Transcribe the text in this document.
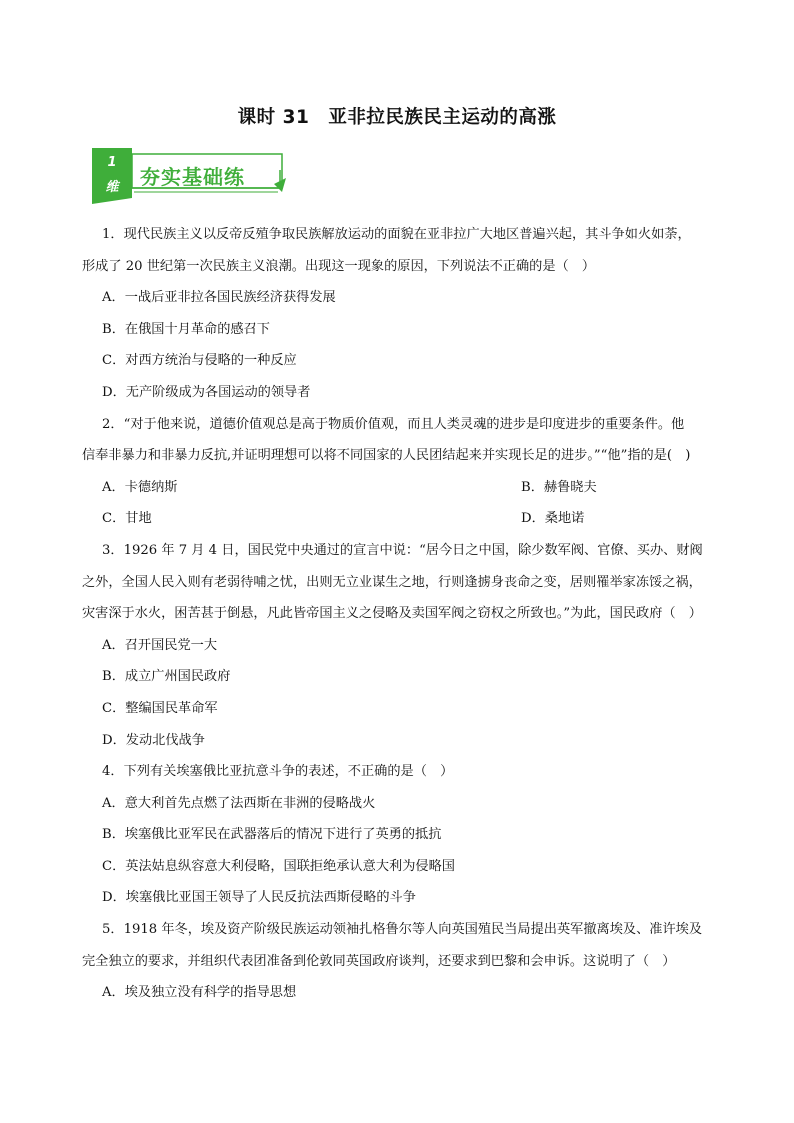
课时 31　亚非拉民族民主运动的高涨
1
维	夯实基础练
1．现代民族主义以反帝反殖争取民族解放运动的面貌在亚非拉广大地区普遍兴起，其斗争如火如荼，
形成了 20 世纪第一次民族主义浪潮。出现这一现象的原因，下列说法不正确的是（　）
A．一战后亚非拉各国民族经济获得发展
B．在俄国十月革命的感召下
C．对西方统治与侵略的一种反应
D．无产阶级成为各国运动的领导者
2．“对于他来说，道德价值观总是高于物质价值观，而且人类灵魂的进步是印度进步的重要条件。他
信奉非暴力和非暴力反抗,并证明理想可以将不同国家的人民团结起来并实现长足的进步。”“他”指的是(　)
A．卡德纳斯	B．赫鲁晓夫
C．甘地	D．桑地诺
3．1926 年 7 月 4 日，国民党中央通过的宣言中说：“居今日之中国，除少数军阀、官僚、买办、财阀
之外，全国人民入则有老弱待哺之忧，出则无立业谋生之地，行则逢掳身丧命之变，居则罹举家冻馁之祸，
灾害深于水火，困苦甚于倒悬，凡此皆帝国主义之侵略及卖国军阀之窃权之所致也。”为此，国民政府（　）
A．召开国民党一大
B．成立广州国民政府
C．整编国民革命军
D．发动北伐战争
4．下列有关埃塞俄比亚抗意斗争的表述，不正确的是（　）
A．意大利首先点燃了法西斯在非洲的侵略战火
B．埃塞俄比亚军民在武器落后的情况下进行了英勇的抵抗
C．英法姑息纵容意大利侵略，国联拒绝承认意大利为侵略国
D．埃塞俄比亚国王领导了人民反抗法西斯侵略的斗争
5．1918 年冬，埃及资产阶级民族运动领袖扎格鲁尔等人向英国殖民当局提出英军撤离埃及、准许埃及
完全独立的要求，并组织代表团准备到伦敦同英国政府谈判，还要求到巴黎和会申诉。这说明了（　）
A．埃及独立没有科学的指导思想
